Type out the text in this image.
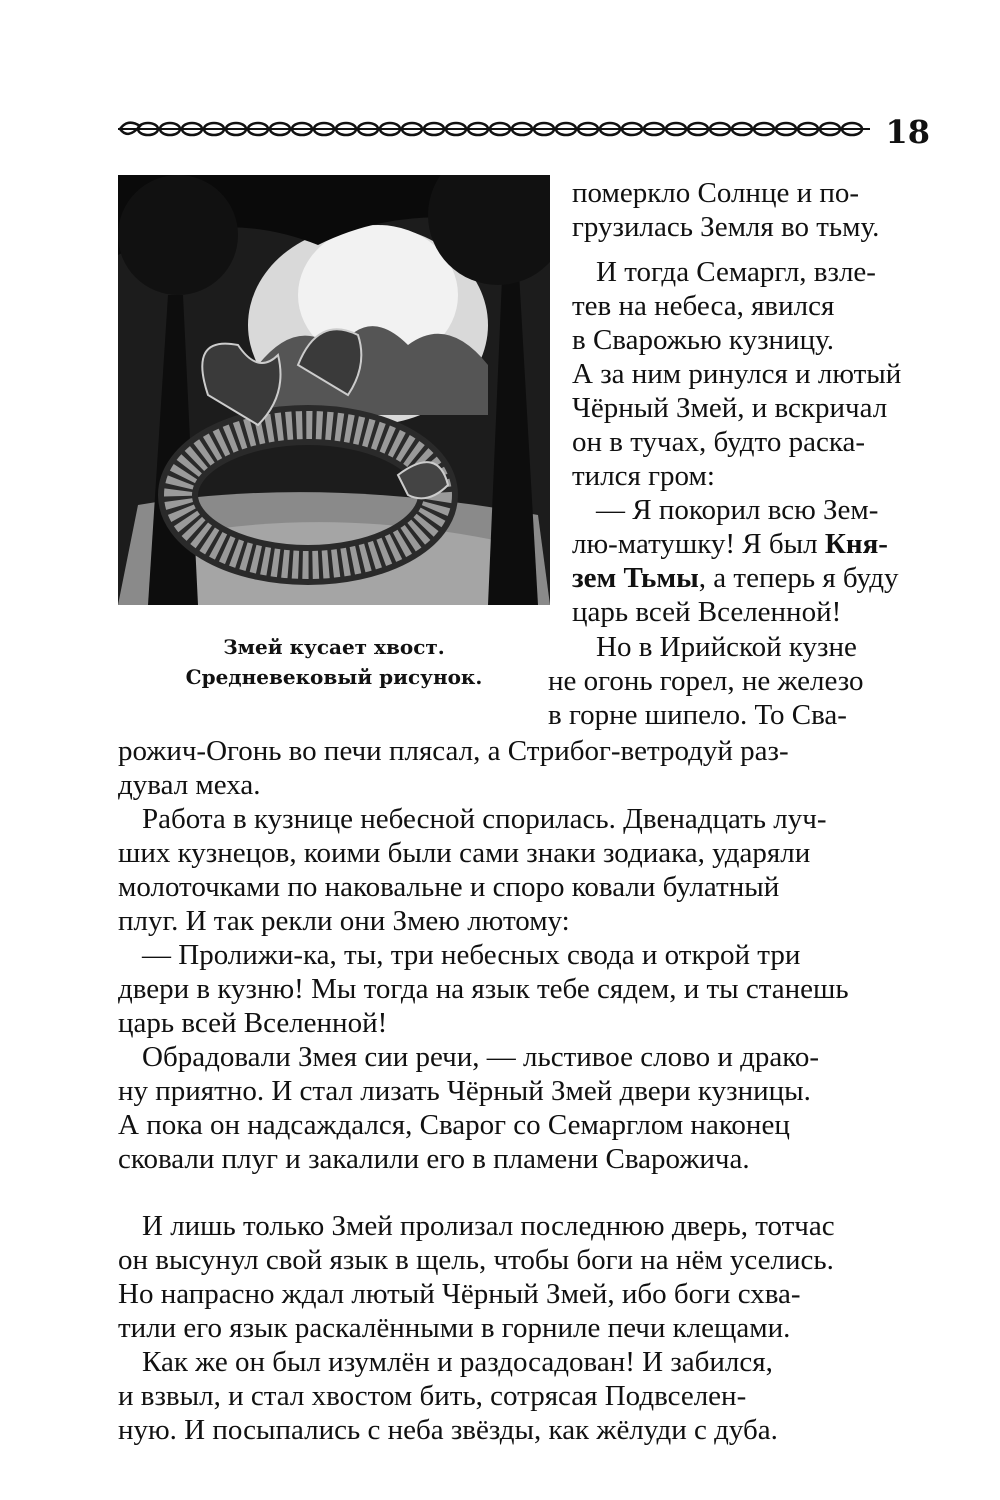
18
Змей кусает хвост.
Средневековый рисунок.
померкло Солнце и по-
грузилась Земля во тьму.
И тогда Семаргл, взле-
тев на небеса, явился
в Сварожью кузницу.
А за ним ринулся и лютый
Чёрный Змей, и вскричал
он в тучах, будто раска-
тился гром:
— Я покорил всю Зем-
лю-матушку! Я был Кня-
зем Тьмы, а теперь я буду
царь всей Вселенной!
Но в Ирийской кузне
не огонь горел, не железо
в горне шипело. То Сва-
рожич-Огонь во печи плясал, а Стрибог-ветродуй раз-
дувал меха.
Работа в кузнице небесной спорилась. Двенадцать луч-
ших кузнецов, коими были сами знаки зодиака, ударяли
молоточками по наковальне и споро ковали булатный
плуг. И так рекли они Змею лютому:
— Пролижи-ка, ты, три небесных свода и открой три
двери в кузню! Мы тогда на язык тебе сядем, и ты станешь
царь всей Вселенной!
Обрадовали Змея сии речи, — льстивое слово и драко-
ну приятно. И стал лизать Чёрный Змей двери кузницы.
А пока он надсаждался, Сварог со Семарглом наконец
сковали плуг и закалили его в пламени Сварожича.
И лишь только Змей пролизал последнюю дверь, тотчас
он высунул свой язык в щель, чтобы боги на нём уселись.
Но напрасно ждал лютый Чёрный Змей, ибо боги схва-
тили его язык раскалёнными в горниле печи клещами.
Как же он был изумлён и раздосадован! И забился,
и взвыл, и стал хвостом бить, сотрясая Подвселен-
ную. И посыпались с неба звёзды, как жёлуди с дуба.
